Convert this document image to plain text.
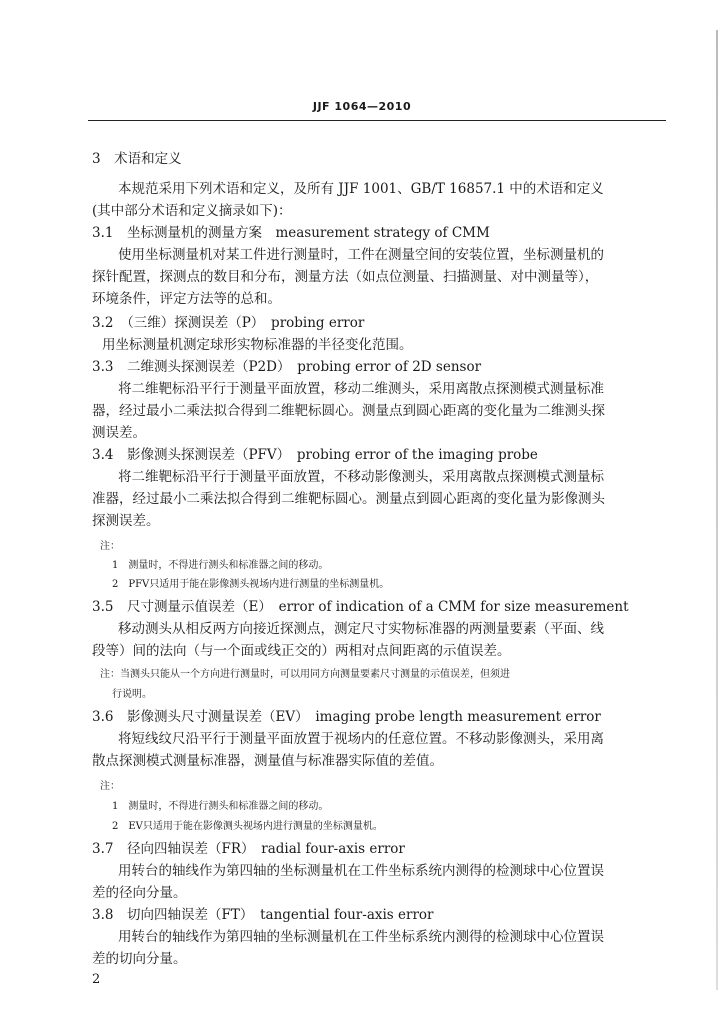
JJF 1064—2010
3　术语和定义
本规范采用下列术语和定义，及所有 JJF 1001、GB/T 16857.1 中的术语和定义
(其中部分术语和定义摘录如下)：
3.1　坐标测量机的测量方案　measurement strategy of CMM
使用坐标测量机对某工件进行测量时，工件在测量空间的安装位置，坐标测量机的
探针配置，探测点的数目和分布，测量方法（如点位测量、扫描测量、对中测量等），
环境条件，评定方法等的总和。
3.2　（三维）探测误差（P）　probing error
用坐标测量机测定球形实物标准器的半径变化范围。
3.3　二维测头探测误差（P2D）　probing error of 2D sensor
将二维靶标沿平行于测量平面放置，移动二维测头，采用离散点探测模式测量标准
器，经过最小二乘法拟合得到二维靶标圆心。测量点到圆心距离的变化量为二维测头探
测误差。
3.4　影像测头探测误差（PFV）　probing error of the imaging probe
将二维靶标沿平行于测量平面放置，不移动影像测头，采用离散点探测模式测量标
准器，经过最小二乘法拟合得到二维靶标圆心。测量点到圆心距离的变化量为影像测头
探测误差。
注：
1　测量时，不得进行测头和标准器之间的移动。
2　PFV只适用于能在影像测头视场内进行测量的坐标测量机。
3.5　尺寸测量示值误差（E）　error of indication of a CMM for size measurement
移动测头从相反两方向接近探测点，测定尺寸实物标准器的两测量要素（平面、线
段等）间的法向（与一个面或线正交的）两相对点间距离的示值误差。
注：当测头只能从一个方向进行测量时，可以用同方向测量要素尺寸测量的示值误差，但须进
行说明。
3.6　影像测头尺寸测量误差（EV）　imaging probe length measurement error
将短线纹尺沿平行于测量平面放置于视场内的任意位置。不移动影像测头，采用离
散点探测模式测量标准器，测量值与标准器实际值的差值。
注：
1　测量时，不得进行测头和标准器之间的移动。
2　EV只适用于能在影像测头视场内进行测量的坐标测量机。
3.7　径向四轴误差（FR）　radial four-axis error
用转台的轴线作为第四轴的坐标测量机在工件坐标系统内测得的检测球中心位置误
差的径向分量。
3.8　切向四轴误差（FT）　tangential four-axis error
用转台的轴线作为第四轴的坐标测量机在工件坐标系统内测得的检测球中心位置误
差的切向分量。
2
